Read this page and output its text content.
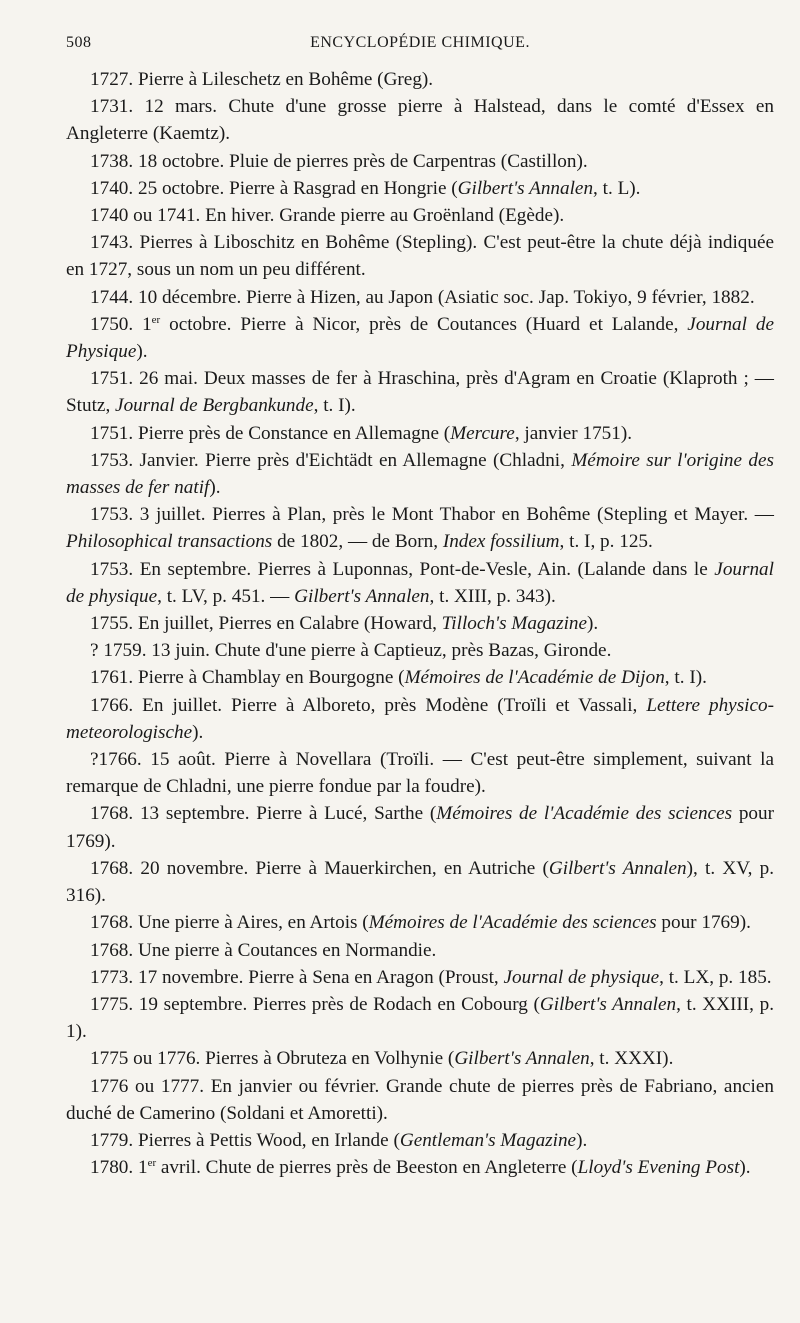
508	ENCYCLOPÉDIE CHIMIQUE.

1727. Pierre à Lileschetz en Bohême (Greg).

1731. 12 mars. Chute d'une grosse pierre à Halstead, dans le comté d'Essex en Angleterre (Kaemtz).

1738. 18 octobre. Pluie de pierres près de Carpentras (Castillon).

1740. 25 octobre. Pierre à Rasgrad en Hongrie (Gilbert's Annalen, t. L).

1740 ou 1741. En hiver. Grande pierre au Groënland (Egède).

1743. Pierres à Liboschitz en Bohême (Stepling). C'est peut-être la chute déjà indiquée en 1727, sous un nom un peu différent.

1744. 10 décembre. Pierre à Hizen, au Japon (Asiatic soc. Jap. Tokiyo, 9 février, 1882.

1750. 1er octobre. Pierre à Nicor, près de Coutances (Huard et Lalande, Journal de Physique).

1751. 26 mai. Deux masses de fer à Hraschina, près d'Agram en Croatie (Klaproth ; — Stutz, Journal de Bergbankunde, t. I).

1751. Pierre près de Constance en Allemagne (Mercure, janvier 1751).

1753. Janvier. Pierre près d'Eichtädt en Allemagne (Chladni, Mémoire sur l'origine des masses de fer natif).

1753. 3 juillet. Pierres à Plan, près le Mont Thabor en Bohême (Stepling et Mayer. — Philosophical transactions de 1802, — de Born, Index fossilium, t. I, p. 125.

1753. En septembre. Pierres à Luponnas, Pont-de-Vesle, Ain. (Lalande dans le Journal de physique, t. LV, p. 451. — Gilbert's Annalen, t. XIII, p. 343).

1755. En juillet, Pierres en Calabre (Howard, Tilloch's Magazine).

? 1759. 13 juin. Chute d'une pierre à Captieuz, près Bazas, Gironde.

1761. Pierre à Chamblay en Bourgogne (Mémoires de l'Académie de Dijon, t. I).

1766. En juillet. Pierre à Alboreto, près Modène (Troïli et Vassali, Lettere physico-meteorologische).

?1766. 15 août. Pierre à Novellara (Troïli. — C'est peut-être simplement, suivant la remarque de Chladni, une pierre fondue par la foudre).

1768. 13 septembre. Pierre à Lucé, Sarthe (Mémoires de l'Académie des sciences pour 1769).

1768. 20 novembre. Pierre à Mauerkirchen, en Autriche (Gilbert's Annalen), t. XV, p. 316).

1768. Une pierre à Aires, en Artois (Mémoires de l'Académie des sciences pour 1769).

1768. Une pierre à Coutances en Normandie.

1773. 17 novembre. Pierre à Sena en Aragon (Proust, Journal de physique, t. LX, p. 185.

1775. 19 septembre. Pierres près de Rodach en Cobourg (Gilbert's Annalen, t. XXIII, p. 1).

1775 ou 1776. Pierres à Obruteza en Volhynie (Gilbert's Annalen, t. XXXI).

1776 ou 1777. En janvier ou février. Grande chute de pierres près de Fabriano, ancien duché de Camerino (Soldani et Amoretti).

1779. Pierres à Pettis Wood, en Irlande (Gentleman's Magazine).

1780. 1er avril. Chute de pierres près de Beeston en Angleterre (Lloyd's Evening Post).
